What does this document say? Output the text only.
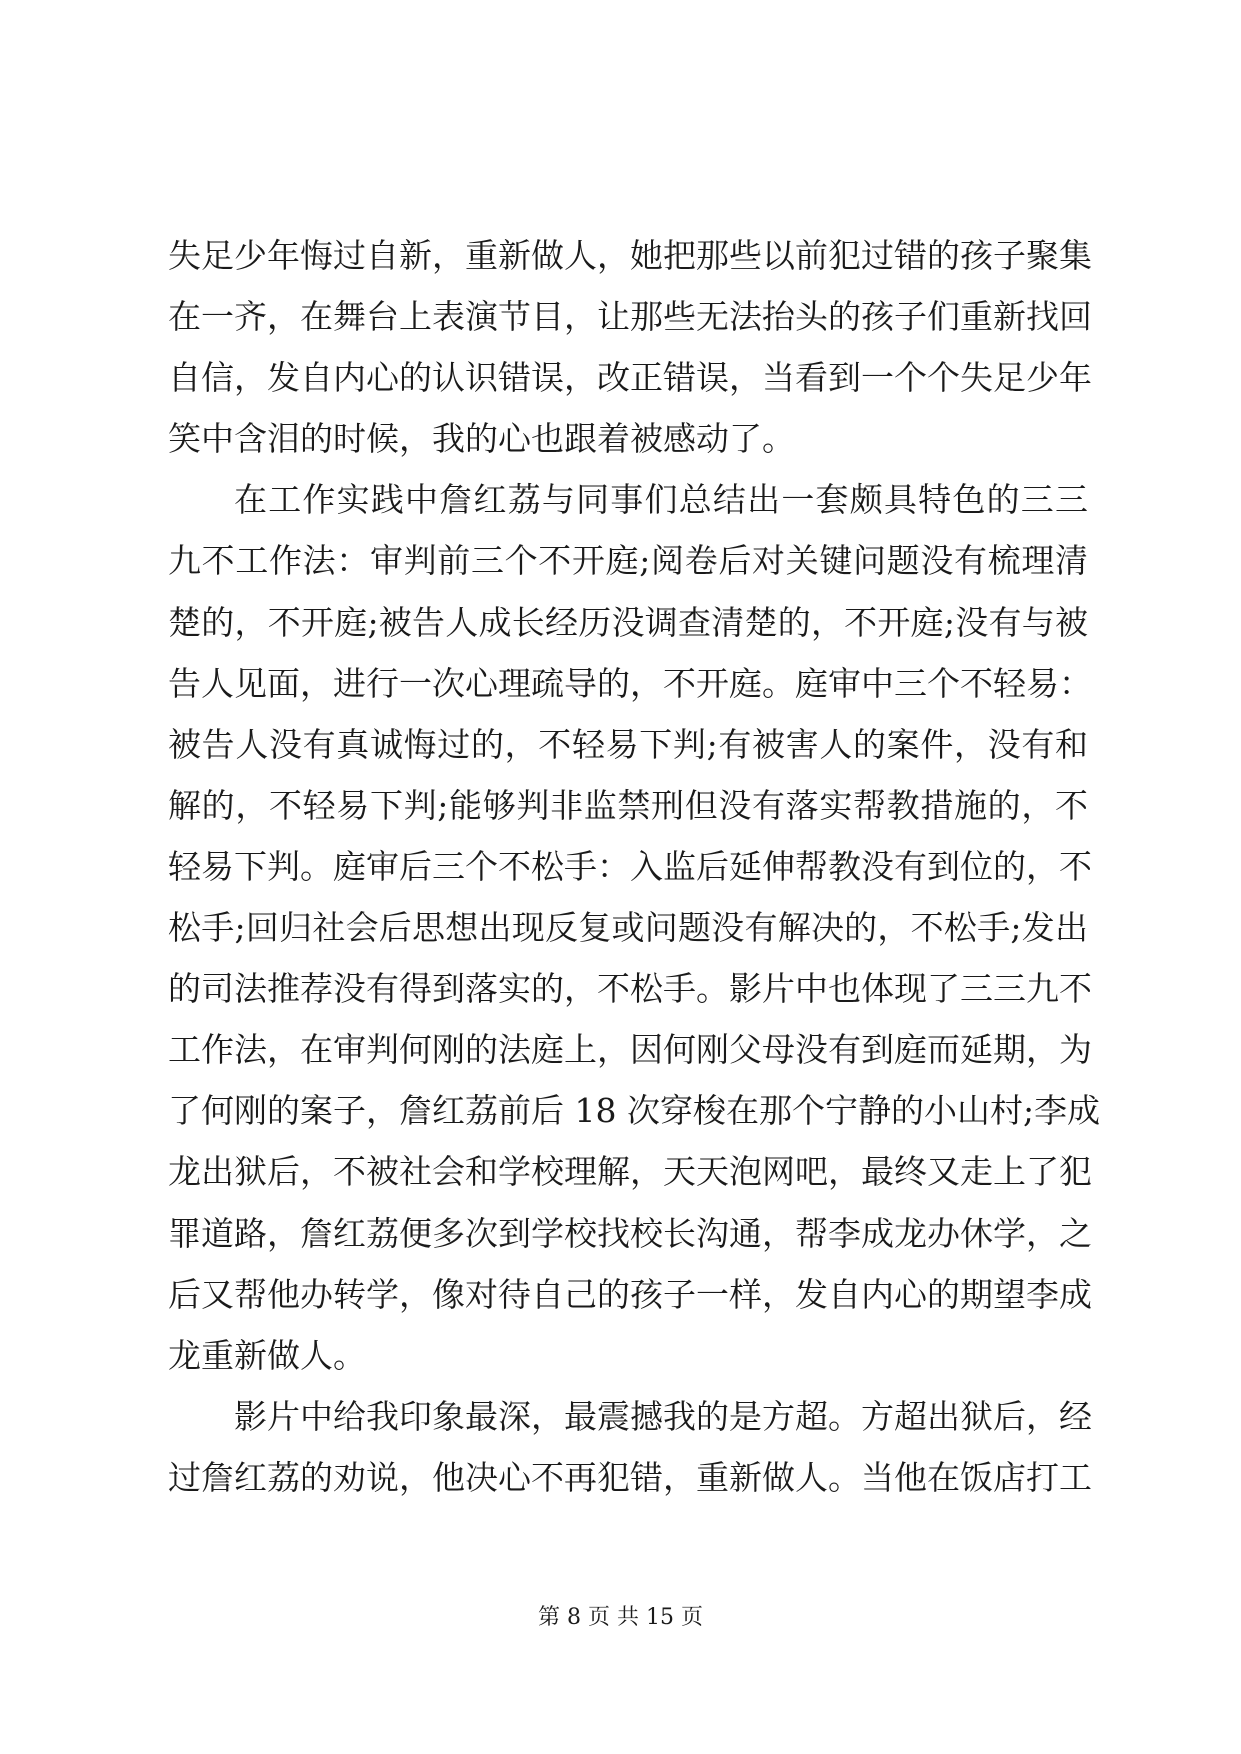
失足少年悔过自新，重新做人，她把那些以前犯过错的孩子聚集
在一齐，在舞台上表演节目，让那些无法抬头的孩子们重新找回
自信，发自内心的认识错误，改正错误，当看到一个个失足少年
笑中含泪的时候，我的心也跟着被感动了。
在工作实践中詹红荔与同事们总结出一套颇具特色的三三
九不工作法：审判前三个不开庭;阅卷后对关键问题没有梳理清
楚的，不开庭;被告人成长经历没调查清楚的，不开庭;没有与被
告人见面，进行一次心理疏导的，不开庭。庭审中三个不轻易：
被告人没有真诚悔过的，不轻易下判;有被害人的案件，没有和
解的，不轻易下判;能够判非监禁刑但没有落实帮教措施的，不
轻易下判。庭审后三个不松手：入监后延伸帮教没有到位的，不
松手;回归社会后思想出现反复或问题没有解决的，不松手;发出
的司法推荐没有得到落实的，不松手。影片中也体现了三三九不
工作法，在审判何刚的法庭上，因何刚父母没有到庭而延期，为
了何刚的案子，詹红荔前后 18 次穿梭在那个宁静的小山村;李成
龙出狱后，不被社会和学校理解，天天泡网吧，最终又走上了犯
罪道路，詹红荔便多次到学校找校长沟通，帮李成龙办休学，之
后又帮他办转学，像对待自己的孩子一样，发自内心的期望李成
龙重新做人。
影片中给我印象最深，最震撼我的是方超。方超出狱后，经
过詹红荔的劝说，他决心不再犯错，重新做人。当他在饭店打工
第 8 页 共 15 页
